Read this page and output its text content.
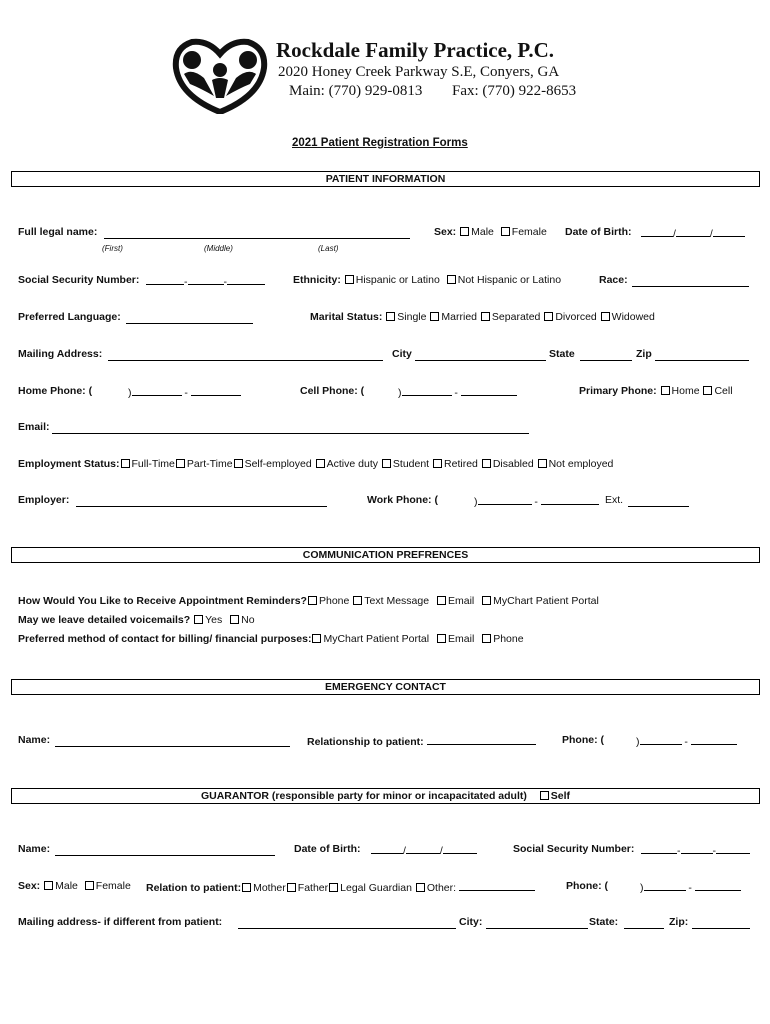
Rockdale Family Practice, P.C.
2020 Honey Creek Parkway S.E, Conyers, GA
Main: (770) 929-0813 Fax: (770) 922-8653
2021 Patient Registration Forms
PATIENT INFORMATION
Full legal name:
(First)	(Middle)	(Last)
Sex: Male Female Date of Birth:	/	/
Social Security Number:	-	-	Ethnicity: Hispanic or Latino Not Hispanic or Latino	Race:
Preferred Language:	Marital Status: Single Married Separated Divorced Widowed
Mailing Address:	City	State	Zip
Home Phone: (	)	-	Cell Phone: (	)	-	Primary Phone: Home Cell
Email:
Employment Status: Full-Time Part-Time Self-employed Active duty Student Retired Disabled Not employed
Employer:	Work Phone: (	)	-	Ext.
COMMUNICATION PREFRENCES
How Would You Like to Receive Appointment Reminders? Phone Text Message Email MyChart Patient Portal
May we leave detailed voicemails? Yes No
Preferred method of contact for billing/ financial purposes: MyChart Patient Portal Email Phone
EMERGENCY CONTACT
Name:	Relationship to patient:	Phone: (	)	-
GUARANTOR (responsible party for minor or incapacitated adult) Self
Name:	Date of Birth:	/	/	Social Security Number:	-	-
Sex: Male Female Relation to patient: Mother Father Legal Guardian Other:	Phone: (	)	-
Mailing address- if different from patient:	City:	State:	Zip:
